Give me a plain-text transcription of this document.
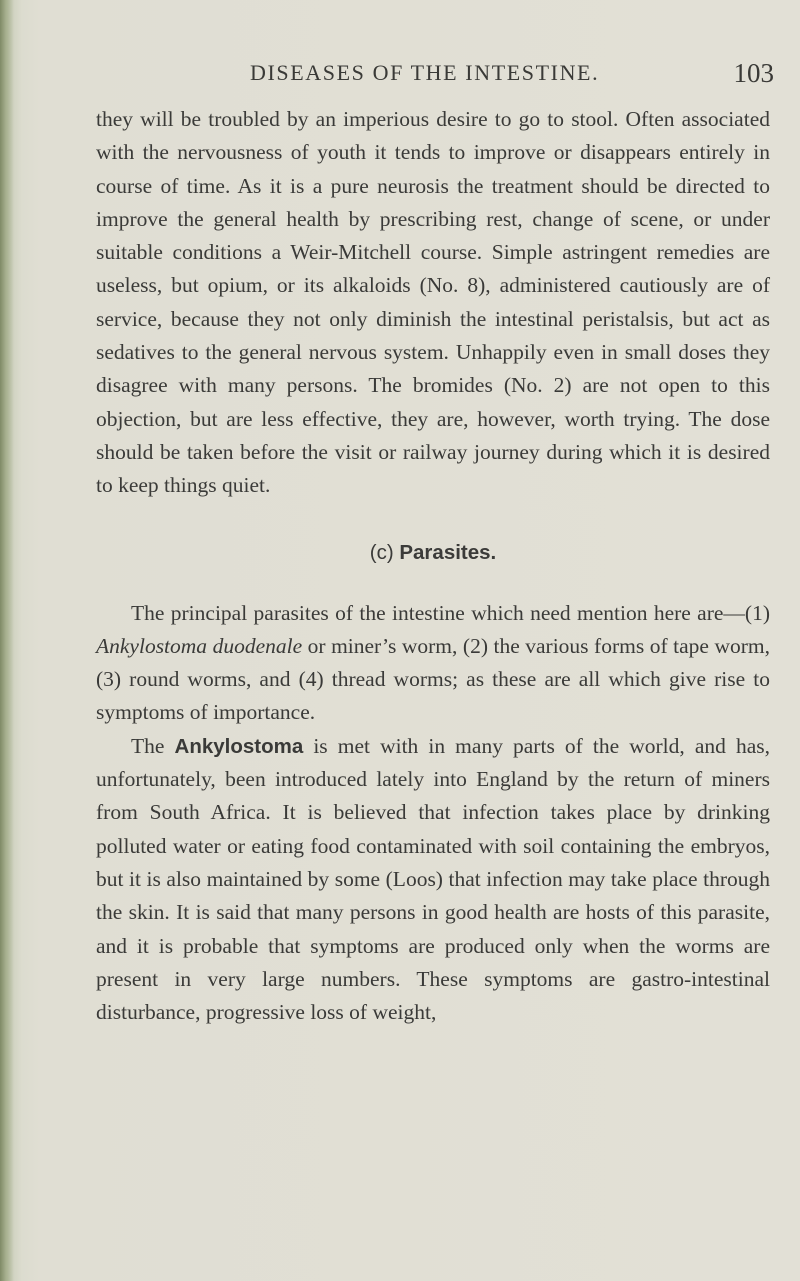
DISEASES OF THE INTESTINE.	103

they will be troubled by an imperious desire to go to stool. Often associated with the nervousness of youth it tends to improve or disappears entirely in course of time. As it is a pure neurosis the treatment should be directed to improve the general health by prescribing rest, change of scene, or under suitable conditions a Weir-Mitchell course. Simple astringent remedies are useless, but opium, or its alkaloids (No. 8), administered cautiously are of service, because they not only diminish the intestinal peristalsis, but act as sedatives to the general nervous system. Unhappily even in small doses they disagree with many persons. The bromides (No. 2) are not open to this objection, but are less effective, they are, however, worth trying. The dose should be taken before the visit or railway journey during which it is desired to keep things quiet.

(c) Parasites.

The principal parasites of the intestine which need mention here are—(1) Ankylostoma duodenale or miner’s worm, (2) the various forms of tape worm, (3) round worms, and (4) thread worms; as these are all which give rise to symptoms of importance.

The Ankylostoma is met with in many parts of the world, and has, unfortunately, been introduced lately into England by the return of miners from South Africa. It is believed that infection takes place by drinking polluted water or eating food contaminated with soil containing the embryos, but it is also maintained by some (Loos) that infection may take place through the skin. It is said that many persons in good health are hosts of this parasite, and it is probable that symptoms are produced only when the worms are present in very large numbers. These symptoms are gastro-intestinal disturbance, progressive loss of weight,
